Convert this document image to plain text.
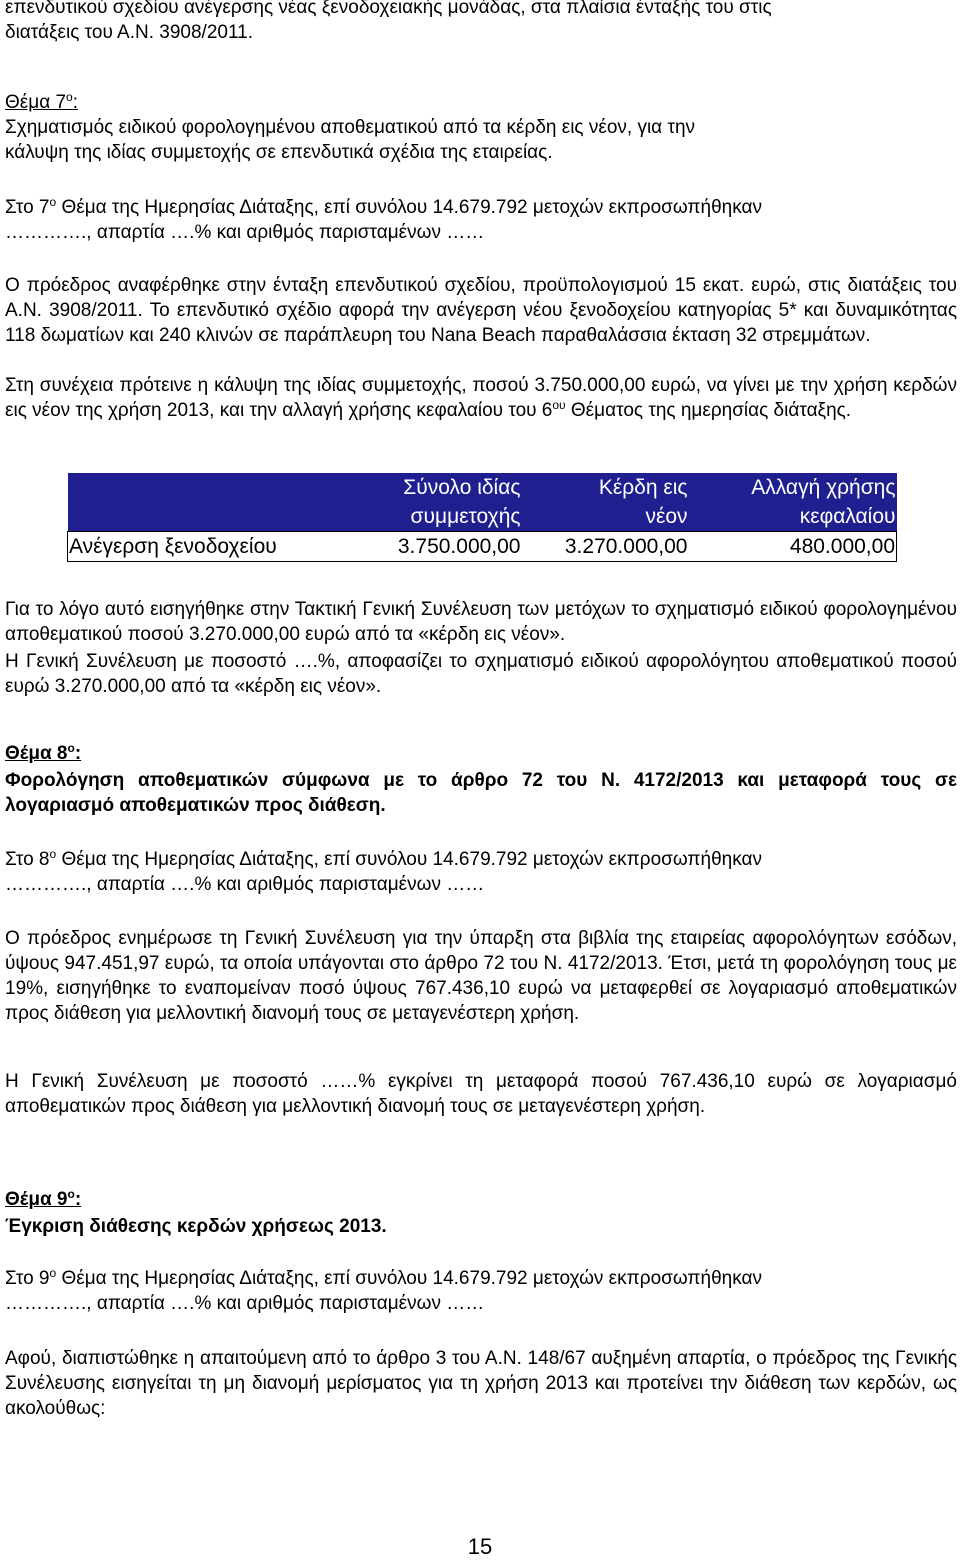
επενδυτικού σχεδίου ανέγερσης νέας ξενοδοχειακής μονάδας, στα πλαίσια ένταξής του στις

διατάξεις του Α.Ν. 3908/2011.

Θέμα $7^o$:

Σχηματισμός ειδικού φορολογημένου αποθεματικού από τα κέρδη εις νέον, για την

κάλυψη της ιδίας συμμετοχής σε επενδυτικά σχέδια της εταιρείας.

Στο $7^o$ Θέμα της Ημερησίας Διάταξης, επί συνόλου 14.679.792 μετοχών εκπροσωπήθηκαν

…………., απαρτία ….% και αριθμός παρισταμένων ……

Ο πρόεδρος αναφέρθηκε στην ένταξη επενδυτικού σχεδίου, προϋπολογισμού 15 εκατ. ευρώ, στις διατάξεις του Α.Ν. 3908/2011. Το επενδυτικό σχέδιο αφορά την ανέγερση νέου ξενοδοχείου κατηγορίας 5* και δυναμικότητας 118 δωματίων και 240 κλινών σε παράπλευρη του Nana Beach παραθαλάσσια έκταση 32 στρεμμάτων.

Στη συνέχεια πρότεινε η κάλυψη της ιδίας συμμετοχής, ποσού 3.750.000,00 ευρώ, να γίνει με την χρήση κερδών εις νέον της χρήση 2013, και την αλλαγή χρήσης κεφαλαίου του $6^{o\upsilon}$ Θέματος της ημερησίας διάταξης.

	Σύνολο ιδίας	Κέρδη εις	Αλλαγή χρήσης
	συμμετοχής	νέον	κεφαλαίου
Ανέγερση ξενοδοχείου	3.750.000,00	3.270.000,00	480.000,00

Για το λόγο αυτό εισηγήθηκε στην Τακτική Γενική Συνέλευση των μετόχων το σχηματισμό ειδικού φορολογημένου αποθεματικού ποσού 3.270.000,00 ευρώ από τα «κέρδη εις νέον».

Η Γενική Συνέλευση με ποσοστό ….%, αποφασίζει το σχηματισμό ειδικού αφορολόγητου αποθεματικού ποσού ευρώ 3.270.000,00 από τα «κέρδη εις νέον».

Θέμα $8^o$:

Φορολόγηση αποθεματικών σύμφωνα με το άρθρο 72 του Ν. 4172/2013 και μεταφορά τους σε λογαριασμό αποθεματικών προς διάθεση.

Στο $8^o$ Θέμα της Ημερησίας Διάταξης, επί συνόλου 14.679.792 μετοχών εκπροσωπήθηκαν

…………., απαρτία ….% και αριθμός παρισταμένων ……

Ο πρόεδρος ενημέρωσε τη Γενική Συνέλευση για την ύπαρξη στα βιβλία της εταιρείας αφορολόγητων εσόδων, ύψους 947.451,97 ευρώ, τα οποία υπάγονται στο άρθρο 72 του Ν. 4172/2013. Έτσι, μετά τη φορολόγηση τους με 19%, εισηγήθηκε το εναπομείναν ποσό ύψους 767.436,10 ευρώ να μεταφερθεί σε λογαριασμό αποθεματικών προς διάθεση για μελλοντική διανομή τους σε μεταγενέστερη χρήση.

Η Γενική Συνέλευση με ποσοστό ……% εγκρίνει τη μεταφορά ποσού 767.436,10 ευρώ σε λογαριασμό αποθεματικών προς διάθεση για μελλοντική διανομή τους σε μεταγενέστερη χρήση.

Θέμα $9^o$:

Έγκριση διάθεσης κερδών χρήσεως 2013.

Στο $9^o$ Θέμα της Ημερησίας Διάταξης, επί συνόλου 14.679.792 μετοχών εκπροσωπήθηκαν

…………., απαρτία ….% και αριθμός παρισταμένων ……

Αφού, διαπιστώθηκε η απαιτούμενη από το άρθρο 3 του Α.Ν. 148/67 αυξημένη απαρτία, ο πρόεδρος της Γενικής Συνέλευσης εισηγείται τη μη διανομή μερίσματος για τη χρήση 2013 και προτείνει την διάθεση των κερδών, ως ακολούθως:

15
